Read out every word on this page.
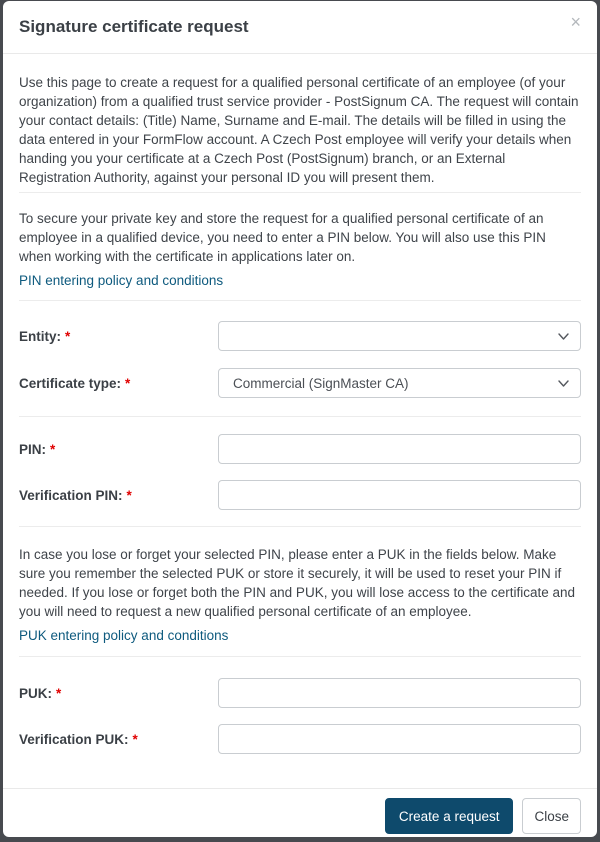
Signature certificate request	×

Use this page to create a request for a qualified personal certificate of an employee (of your organization) from a qualified trust service provider - PostSignum CA. The request will contain your contact details: (Title) Name, Surname and E-mail. The details will be filled in using the data entered in your FormFlow account. A Czech Post employee will verify your details when handing you your certificate at a Czech Post (PostSignum) branch, or an External Registration Authority, against your personal ID you will present them.

To secure your private key and store the request for a qualified personal certificate of an employee in a qualified device, you need to enter a PIN below. You will also use this PIN when working with the certificate in applications later on.

PIN entering policy and conditions
Entity: *
Certificate type: *	Commercial (SignMaster CA)
PIN: *
Verification PIN: *

In case you lose or forget your selected PIN, please enter a PUK in the fields below. Make sure you remember the selected PUK or store it securely, it will be used to reset your PIN if needed. If you lose or forget both the PIN and PUK, you will lose access to the certificate and you will need to request a new qualified personal certificate of an employee.

PUK entering policy and conditions
PUK: *
Verification PUK: *
Create a request	Close
